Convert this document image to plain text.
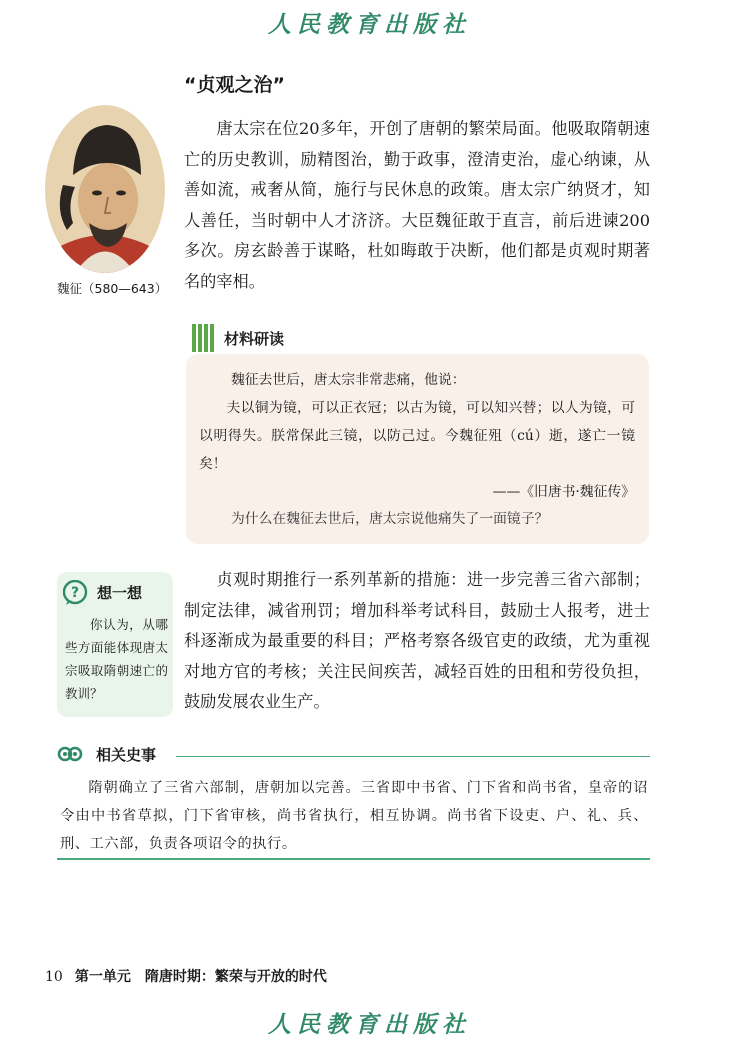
人民教育出版社
“贞观之治”
魏征（580—643）
唐太宗在位20多年，开创了唐朝的繁荣局面。他吸取隋朝速亡的历史教训，励精图治，勤于政事，澄清吏治，虚心纳谏，从善如流，戒奢从简，施行与民休息的政策。唐太宗广纳贤才，知人善任，当时朝中人才济济。大臣魏征敢于直言，前后进谏200多次。房玄龄善于谋略，杜如晦敢于决断，他们都是贞观时期著名的宰相。
材料研读
魏征去世后，唐太宗非常悲痛，他说：
夫以铜为镜，可以正衣冠；以古为镜，可以知兴替；以人为镜，可以明得失。朕常保此三镜，以防己过。今魏征殂（cú）逝，遂亡一镜矣！
——《旧唐书·魏征传》
为什么在魏征去世后，唐太宗说他痛失了一面镜子？
? 想一想
你认为，从哪些方面能体现唐太宗吸取隋朝速亡的教训？
贞观时期推行一系列革新的措施：进一步完善三省六部制；制定法律，减省刑罚；增加科举考试科目，鼓励士人报考，进士科逐渐成为最重要的科目；严格考察各级官吏的政绩，尤为重视对地方官的考核；关注民间疾苦，减轻百姓的田租和劳役负担，鼓励发展农业生产。
相关史事
隋朝确立了三省六部制，唐朝加以完善。三省即中书省、门下省和尚书省，皇帝的诏令由中书省草拟，门下省审核，尚书省执行，相互协调。尚书省下设吏、户、礼、兵、刑、工六部，负责各项诏令的执行。
10 第一单元　隋唐时期：繁荣与开放的时代
人民教育出版社
